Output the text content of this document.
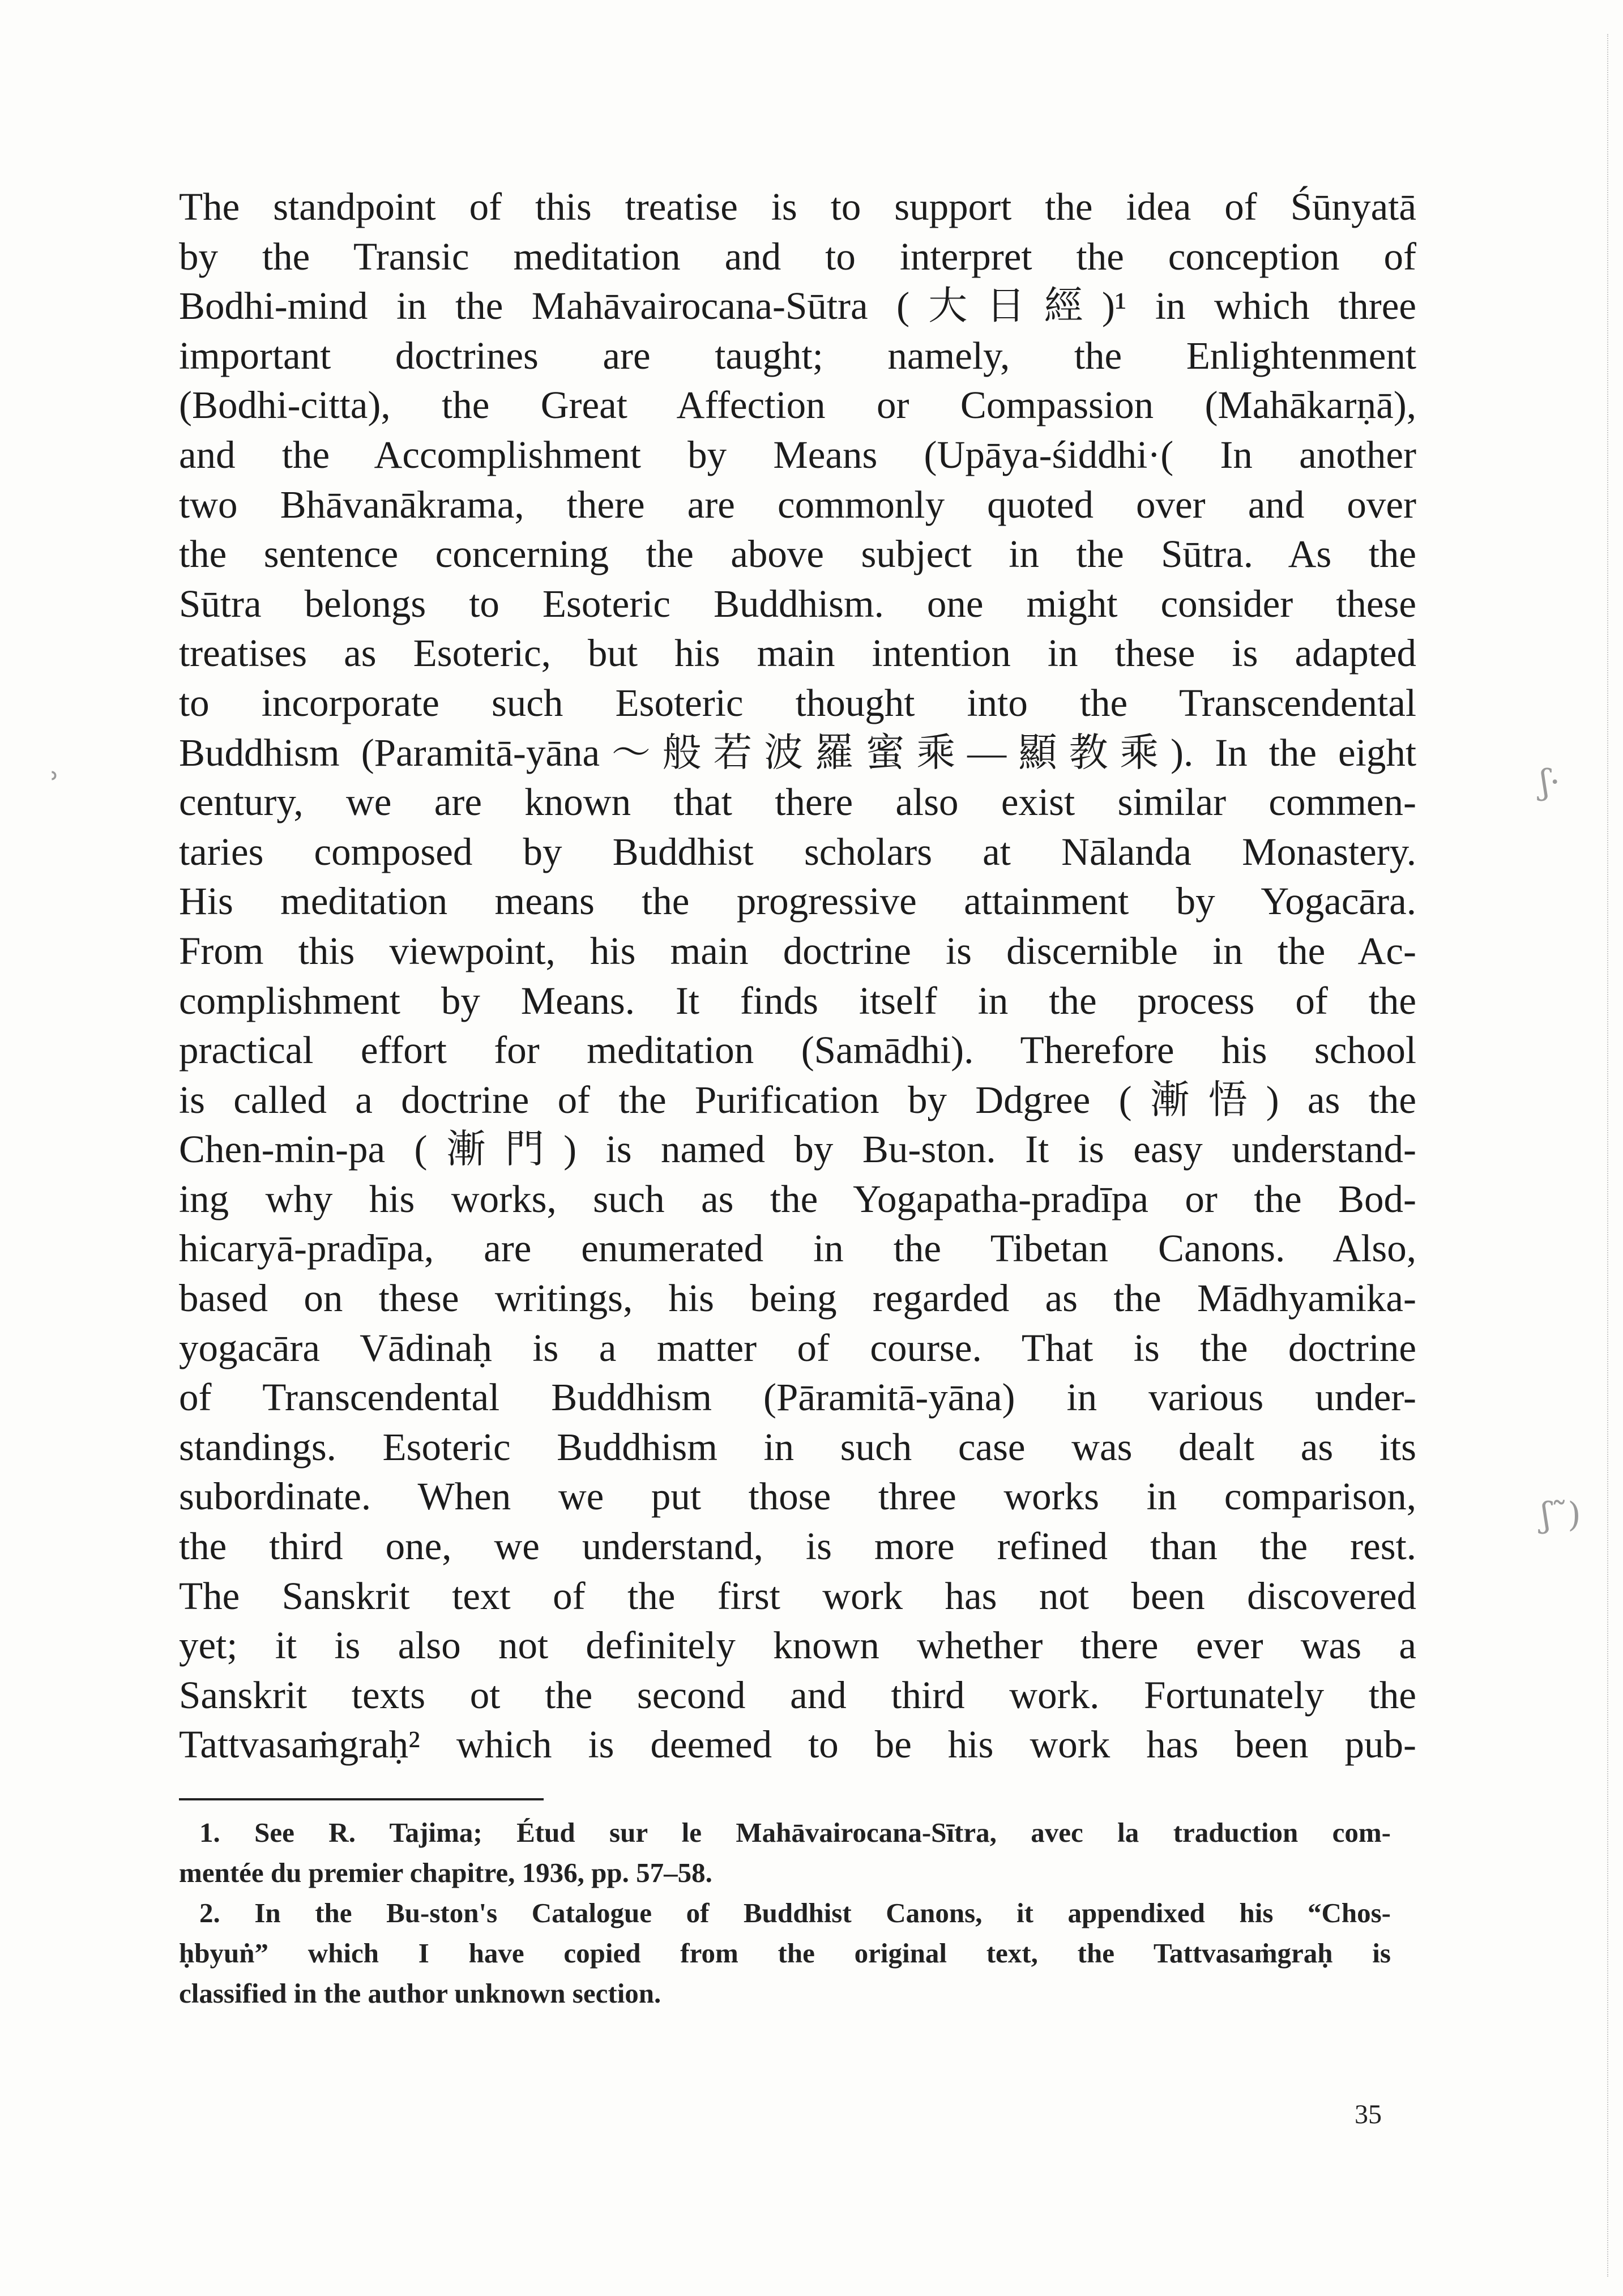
ʾ	ʃ·
ʃ˜)
The standpoint of this treatise is to support the idea of Śūnyatā
by the Transic meditation and to interpret the conception of
Bodhi-mind in the Mahāvairocana-Sūtra (大日經)¹ in which three
important doctrines are taught; namely, the Enlightenment
(Bodhi-citta), the Great Affection or Compassion (Mahākarṇā),
and the Accomplishment by Means (Upāya-śiddhi·( In another
two Bhāvanākrama, there are commonly quoted over and over
the sentence concerning the above subject in the Sūtra. As the
Sūtra belongs to Esoteric Buddhism. one might consider these
treatises as Esoteric, but his main intention in these is adapted
to incorporate such Esoteric thought into the Transcendental
Buddhism (Paramitā-yāna～般若波羅蜜乘—顯教乘). In the eight
century, we are known that there also exist similar commen-
taries composed by Buddhist scholars at Nālanda Monastery.
His meditation means the progressive attainment by Yogacāra.
From this viewpoint, his main doctrine is discernible in the Ac-
complishment by Means. It finds itself in the process of the
practical effort for meditation (Samādhi). Therefore his school
is called a doctrine of the Purification by Ddgree (漸悟) as the
Chen-min-pa (漸門) is named by Bu-ston. It is easy understand-
ing why his works, such as the Yogapatha-pradīpa or the Bod-
hicaryā-pradīpa, are enumerated in the Tibetan Canons. Also,
based on these writings, his being regarded as the Mādhyamika-
yogacāra Vādinaḥ is a matter of course. That is the doctrine
of Transcendental Buddhism (Pāramitā-yāna) in various under-
standings. Esoteric Buddhism in such case was dealt as its
subordinate. When we put those three works in comparison,
the third one, we understand, is more refined than the rest.
The Sanskrit text of the first work has not been discovered
yet; it is also not definitely known whether there ever was a
Sanskrit texts ot the second and third work. Fortunately the
Tattvasaṁgraḥ² which is deemed to be his work has been pub-
1. See R. Tajima; Étud sur le Mahāvairocana-Sītra, avec la traduction com-
mentée du premier chapitre, 1936, pp. 57–58.
2. In the Bu-ston's Catalogue of Buddhist Canons, it appendixed his “Chos-
ḥbyuṅ” which I have copied from the original text, the Tattvasaṁgraḥ is
classified in the author unknown section.
35
